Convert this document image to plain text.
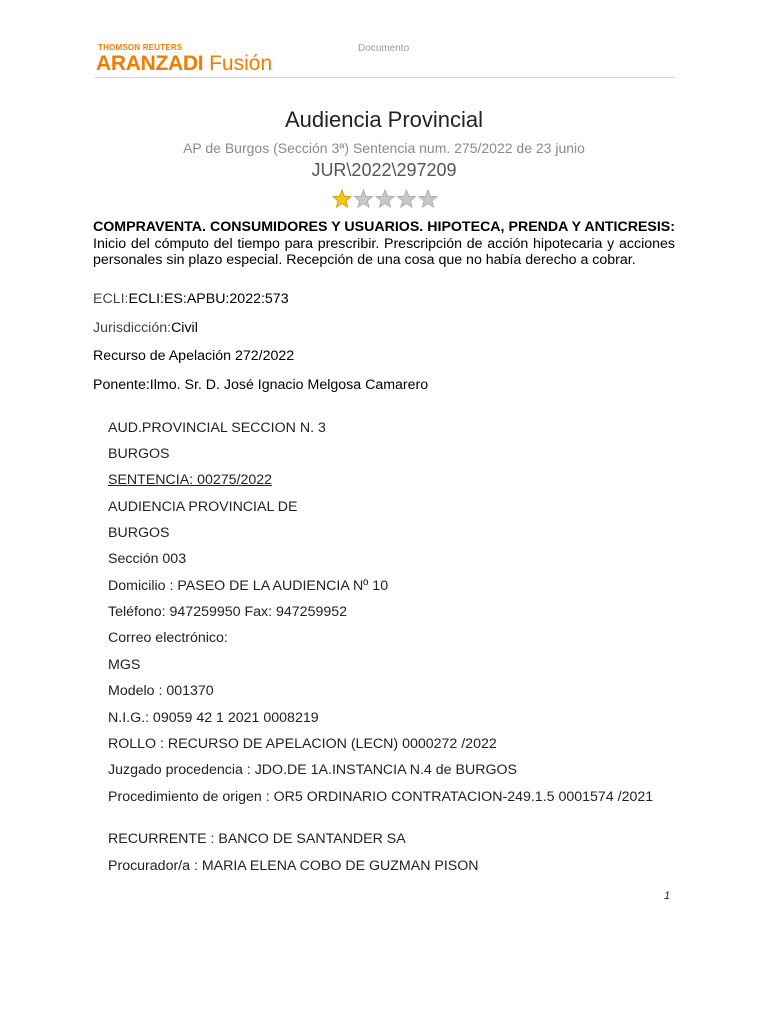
THOMSON REUTERS
ARANZADI Fusión
Documento
Audiencia Provincial
AP de Burgos (Sección 3ª) Sentencia num. 275/2022 de 23 junio
JUR\2022\297209
COMPRAVENTA. CONSUMIDORES Y USUARIOS. HIPOTECA, PRENDA Y ANTICRESIS: Inicio del cómputo del tiempo para prescribir. Prescripción de acción hipotecaria y acciones personales sin plazo especial. Recepción de una cosa que no había derecho a cobrar.
ECLI:ECLI:ES:APBU:2022:573
Jurisdicción:Civil
Recurso de Apelación 272/2022
Ponente:Ilmo. Sr. D. José Ignacio Melgosa Camarero
AUD.PROVINCIAL SECCION N. 3
BURGOS
SENTENCIA: 00275/2022
AUDIENCIA PROVINCIAL DE
BURGOS
Sección 003
Domicilio : PASEO DE LA AUDIENCIA Nº 10
Teléfono: 947259950 Fax: 947259952
Correo electrónico:
MGS
Modelo : 001370
N.I.G.: 09059 42 1 2021 0008219
ROLLO : RECURSO DE APELACION (LECN) 0000272 /2022
Juzgado procedencia : JDO.DE 1A.INSTANCIA N.4 de BURGOS
Procedimiento de origen : OR5 ORDINARIO CONTRATACION-249.1.5 0001574 /2021
RECURRENTE : BANCO DE SANTANDER SA
Procurador/a : MARIA ELENA COBO DE GUZMAN PISON
1
